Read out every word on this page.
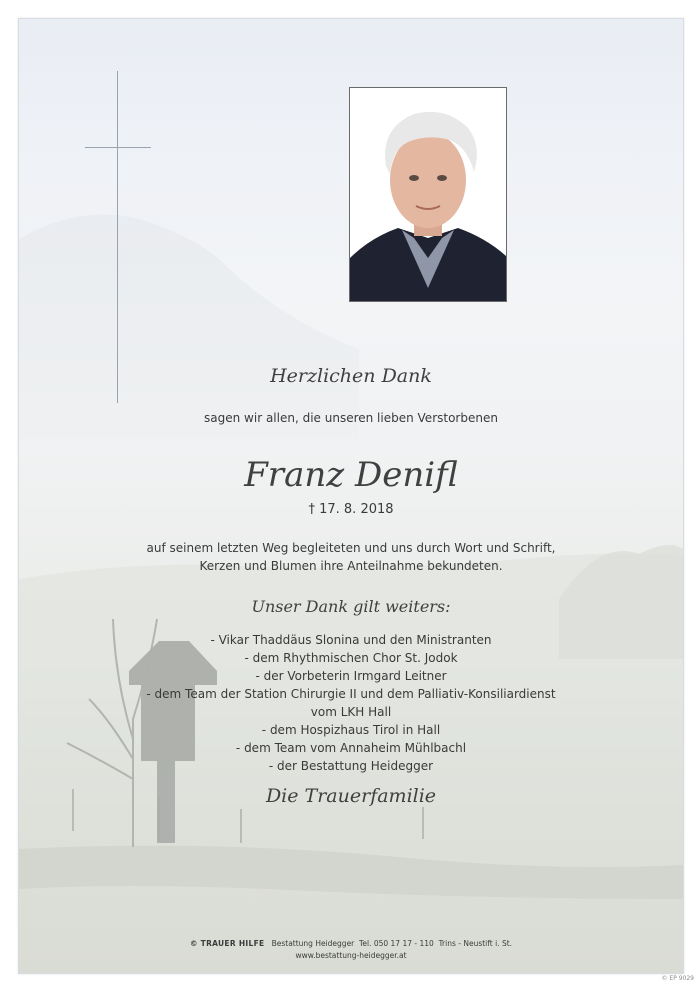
Herzlichen Dank
sagen wir allen, die unseren lieben Verstorbenen
Franz Denifl
† 17. 8. 2018
auf seinem letzten Weg begleiteten und uns durch Wort und Schrift,
Kerzen und Blumen ihre Anteilnahme bekundeten.
Unser Dank gilt weiters:
- Vikar Thaddäus Slonina und den Ministranten
- dem Rhythmischen Chor St. Jodok
- der Vorbeterin Irmgard Leitner
- dem Team der Station Chirurgie II und dem Palliativ-Konsiliardienst
vom LKH Hall
- dem Hospizhaus Tirol in Hall
- dem Team vom Annaheim Mühlbachl
- der Bestattung Heidegger
Die Trauerfamilie
© TRAUER HILFE Bestattung Heidegger Tel. 050 17 17 - 110 Trins - Neustift i. St.
www.bestattung-heidegger.at
© EP 9029
